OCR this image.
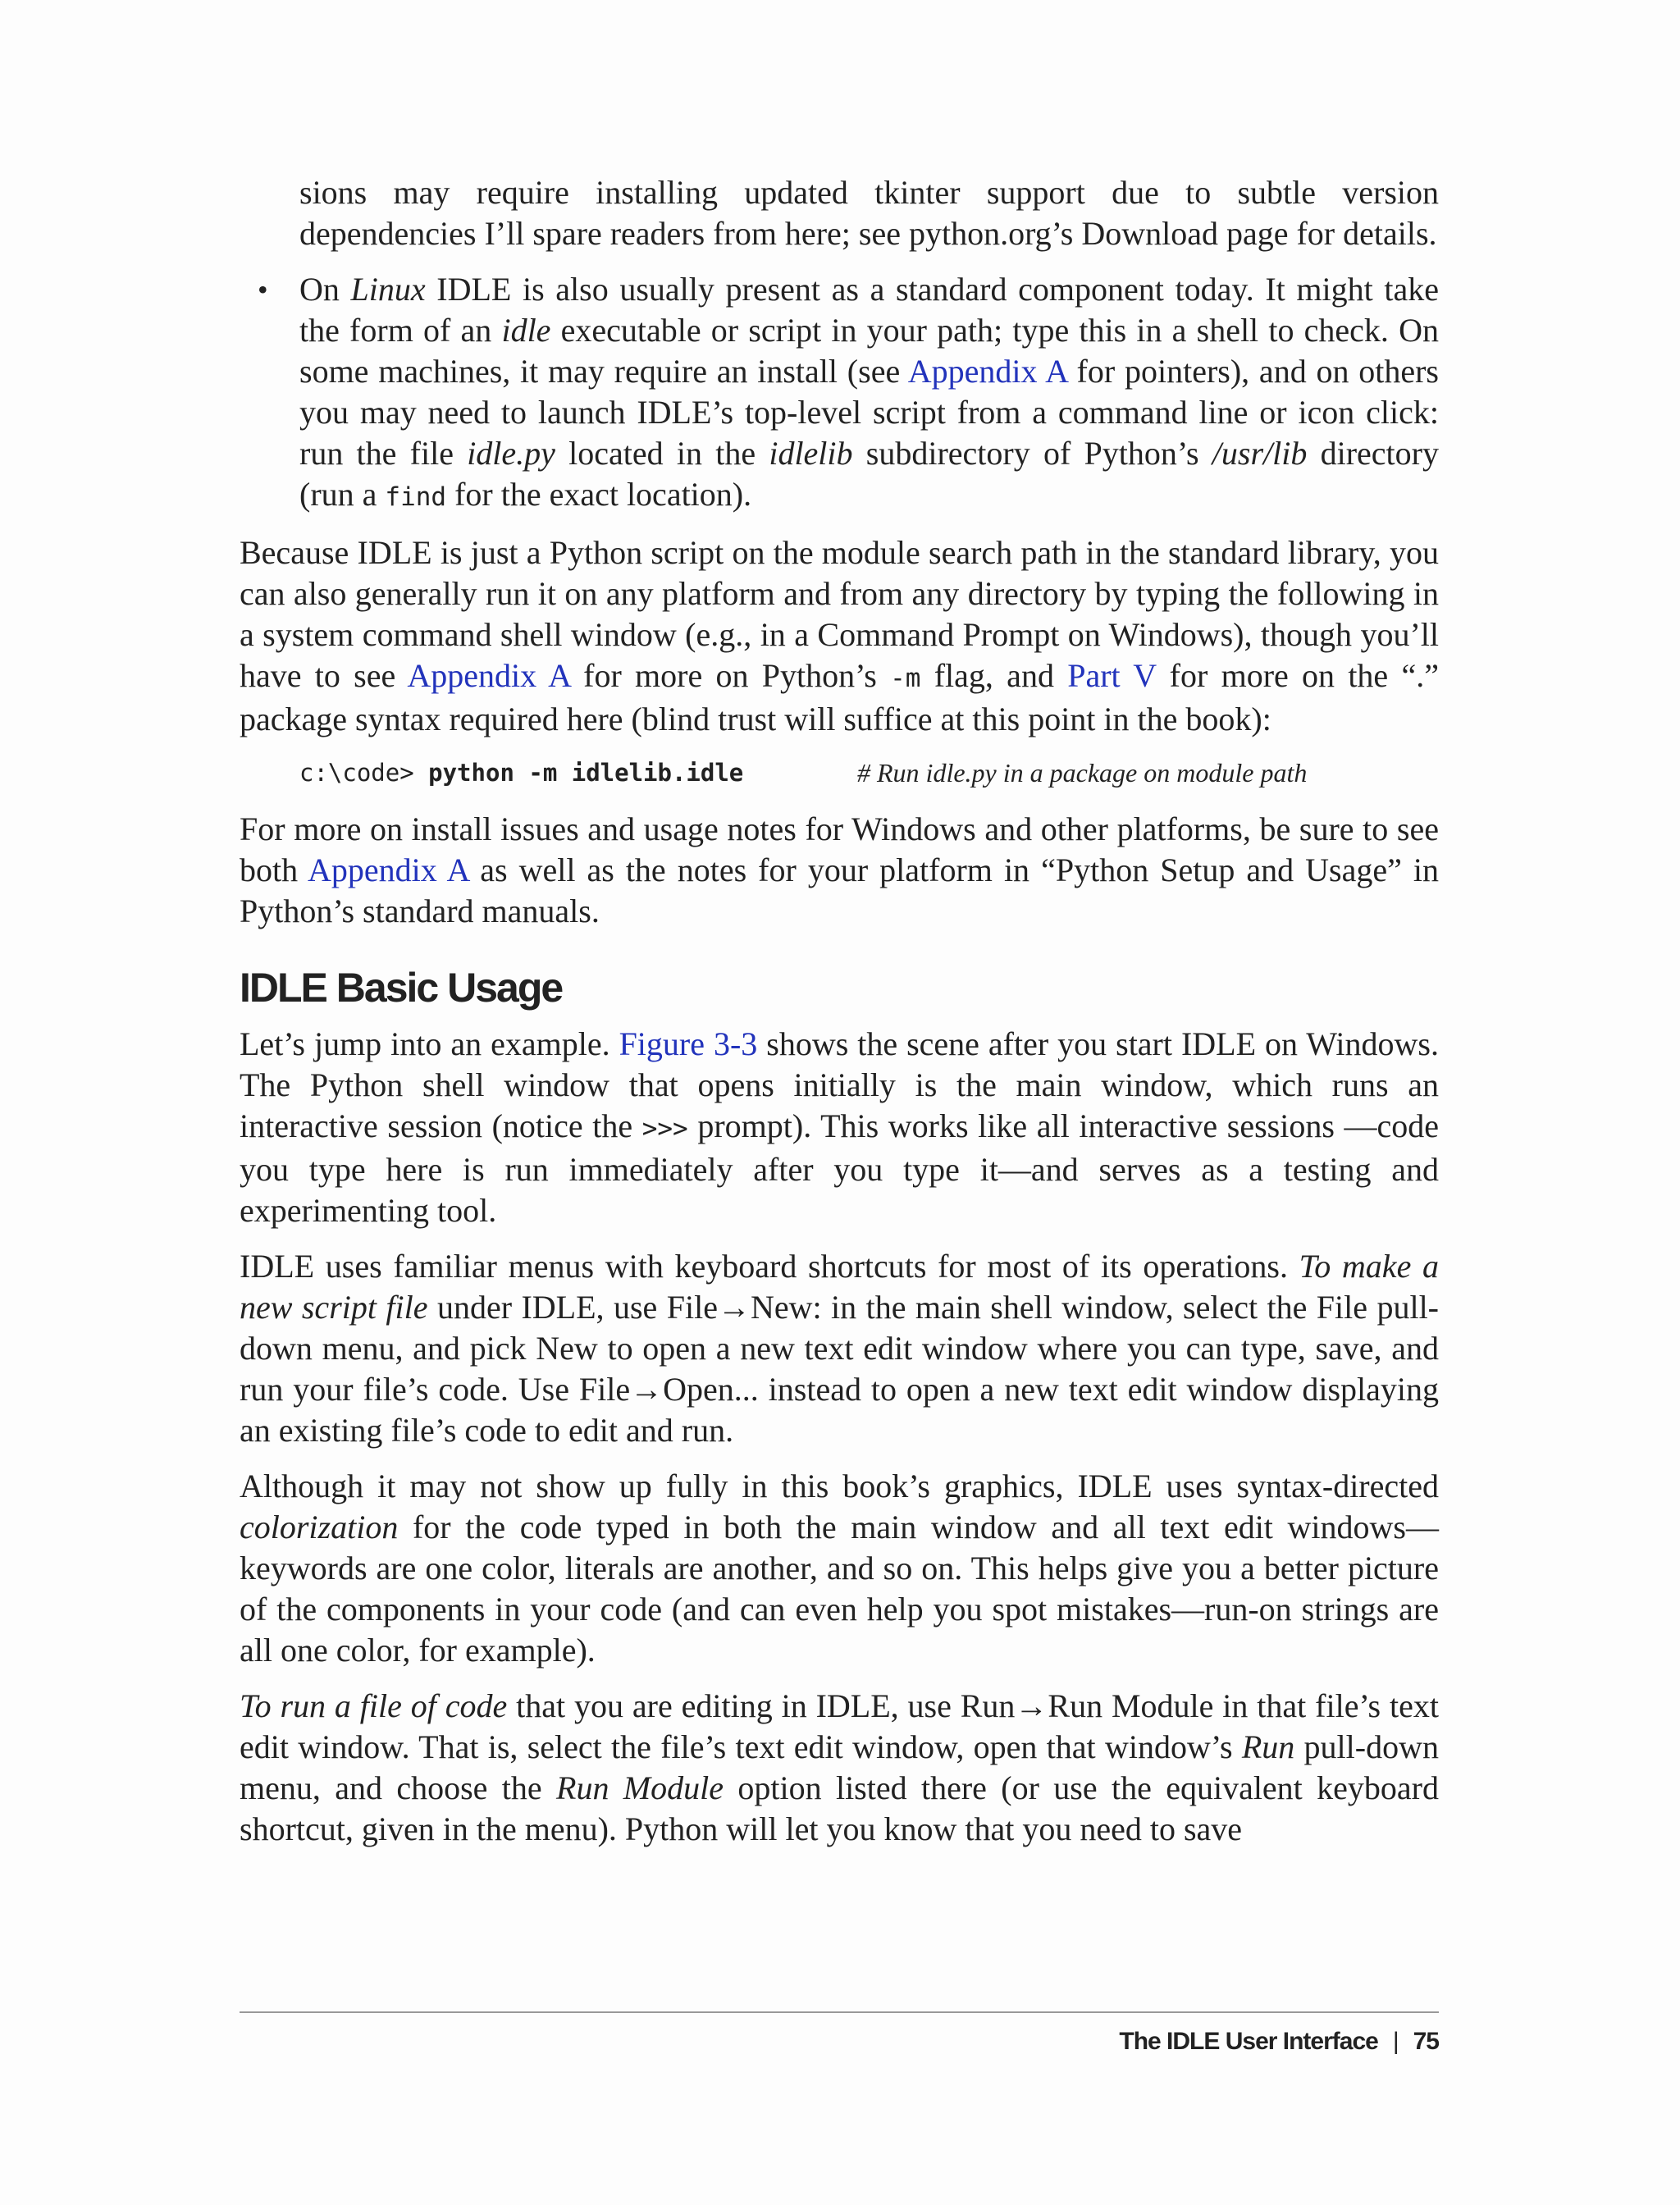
sions may require installing updated tkinter support due to subtle version dependencies I’ll spare readers from here; see python.org’s Download page for details.

• On Linux IDLE is also usually present as a standard component today. It might take the form of an idle executable or script in your path; type this in a shell to check. On some machines, it may require an install (see Appendix A for pointers), and on others you may need to launch IDLE’s top-level script from a command line or icon click: run the file idle.py located in the idlelib subdirectory of Python’s /usr/lib directory (run a find for the exact location).

Because IDLE is just a Python script on the module search path in the standard library, you can also generally run it on any platform and from any directory by typing the following in a system command shell window (e.g., in a Command Prompt on Windows), though you’ll have to see Appendix A for more on Python’s -m flag, and Part V for more on the “.” package syntax required here (blind trust will suffice at this point in the book):

c:\code> python -m idlelib.idle	# Run idle.py in a package on module path

For more on install issues and usage notes for Windows and other platforms, be sure to see both Appendix A as well as the notes for your platform in “Python Setup and Usage” in Python’s standard manuals.

IDLE Basic Usage

Let’s jump into an example. Figure 3-3 shows the scene after you start IDLE on Windows. The Python shell window that opens initially is the main window, which runs an interactive session (notice the >>> prompt). This works like all interactive sessions —code you type here is run immediately after you type it—and serves as a testing and experimenting tool.

IDLE uses familiar menus with keyboard shortcuts for most of its operations. To make a new script file under IDLE, use File→New: in the main shell window, select the File pull-down menu, and pick New to open a new text edit window where you can type, save, and run your file’s code. Use File→Open... instead to open a new text edit window displaying an existing file’s code to edit and run.

Although it may not show up fully in this book’s graphics, IDLE uses syntax-directed colorization for the code typed in both the main window and all text edit windows—keywords are one color, literals are another, and so on. This helps give you a better picture of the components in your code (and can even help you spot mistakes—run-on strings are all one color, for example).

To run a file of code that you are editing in IDLE, use Run→Run Module in that file’s text edit window. That is, select the file’s text edit window, open that window’s Run pull-down menu, and choose the Run Module option listed there (or use the equivalent keyboard shortcut, given in the menu). Python will let you know that you need to save

The IDLE User Interface | 75
